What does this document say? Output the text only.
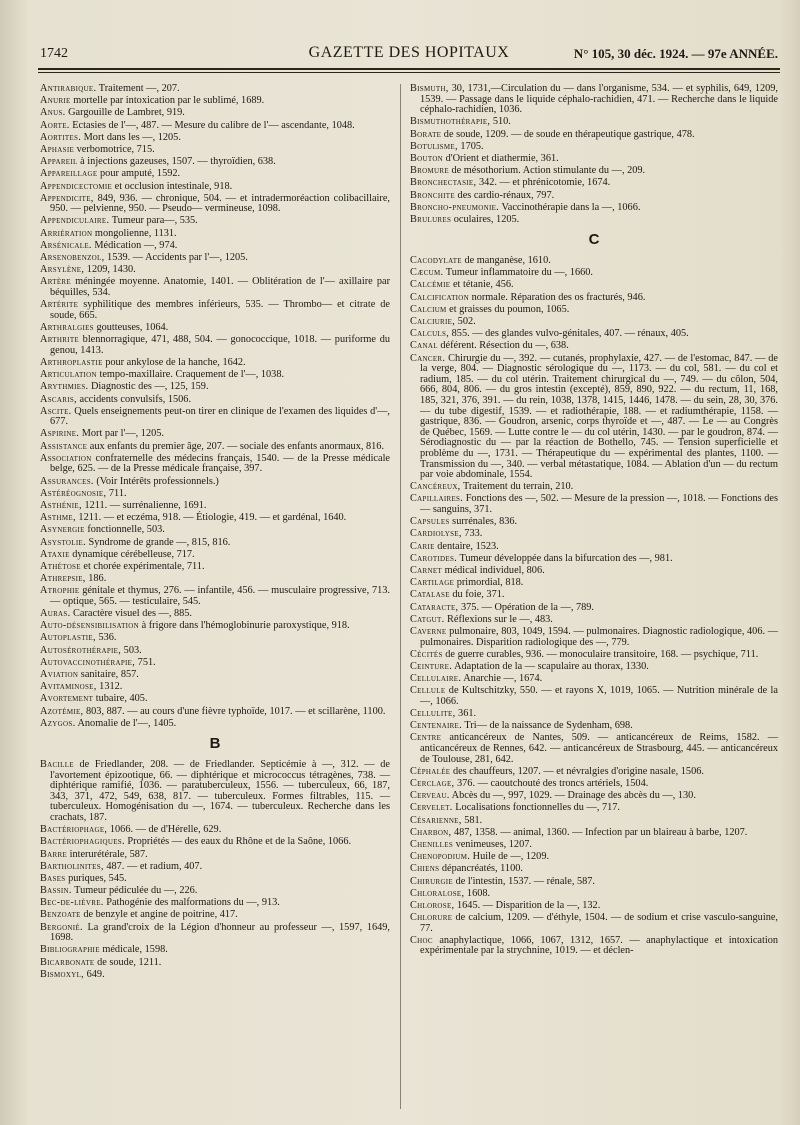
1742	GAZETTE DES HOPITAUX	N° 105, 30 déc. 1924. — 97e ANNÉE.

Antirabique. Traitement —, 207.

Anurie mortelle par intoxication par le sublimé, 1689.

Anus. Gargouille de Lambret, 919.

Aorte. Ectasies de l'—, 487. — Mesure du calibre de l'— ascendante, 1048.

Aortites. Mort dans les —, 1205.

Aphasie verbomotrice, 715.

Appareil à injections gazeuses, 1507. — thyroïdien, 638.

Appareillage pour amputé, 1592.

Appendicectomie et occlusion intestinale, 918.

Appendicite, 849, 936. — chronique, 504. — et intradermoréaction colibacillaire, 950. — pelvienne, 950. — Pseudo— vermineuse, 1098.

Appendiculaire. Tumeur para—, 535.

Arriération mongolienne, 1131.

Arsénicale. Médication —, 974.

Arsenobenzol, 1539. — Accidents par l'—, 1205.

Arsylène, 1209, 1430.

Artère méningée moyenne. Anatomie, 1401. — Oblitération de l'— axillaire par béquilles, 534.

Artérite syphilitique des membres inférieurs, 535. — Thrombo— et citrate de soude, 665.

Arthralgies goutteuses, 1064.

Arthrite blennorragique, 471, 488, 504. — gonococcique, 1018. — puriforme du genou, 1413.

Arthroplastie pour ankylose de la hanche, 1642.

Articulation tempo-maxillaire. Craquement de l'—, 1038.

Arythmies. Diagnostic des —, 125, 159.

Ascaris, accidents convulsifs, 1506.

Ascite. Quels enseignements peut-on tirer en clinique de l'examen des liquides d'—, 677.

Aspirine. Mort par l'—, 1205.

Assistance aux enfants du premier âge, 207. — sociale des enfants anormaux, 816.

Association confraternelle des médecins français, 1540. — de la Presse médicale belge, 625. — de la Presse médicale française, 397.

Assurances. (Voir Intérêts professionnels.)

Astéréognosie, 711.

Asthénie, 1211. — surrénalienne, 1691.

Asthme, 1211. — et eczéma, 918. — Étiologie, 419. — et gardénal, 1640.

Asynergie fonctionnelle, 503.

Asystolie. Syndrome de grande —, 815, 816.

Ataxie dynamique cérébelleuse, 717.

Athétose et chorée expérimentale, 711.

Athrepsie, 186.

Atrophie génitale et thymus, 276. — infantile, 456. — musculaire progressive, 713. — optique, 565. — testiculaire, 545.

Auras. Caractère visuel des —, 885.

Auto-désensibilisation à frigore dans l'hémoglobinurie paroxystique, 918.

Autoplastie, 536.

Autosérothérapie, 503.

Autovaccinothérapie, 751.

Aviation sanitaire, 857.

Avitaminose, 1312.

Avortement tubaire, 405.

Azotémie, 803, 887. — au cours d'une fièvre typhoïde, 1017. — et scillarène, 1100.

Azygos. Anomalie de l'—, 1405.

B

Bacille de Friedlander, 208. — de Friedlander. Septicémie à —, 312. — de l'avortement épizootique, 66. — diphtérique et micrococcus tétragènes, 738. — diphtérique ramifié, 1036. — paratuberculeux, 1556. — tuberculeux, 66, 187, 343, 371, 472, 549, 638, 817. — tuberculeux. Formes filtrables, 115. — tuberculeux. Homogénisation du —, 1674. — tuberculeux. Recherche dans les crachats, 187.

Bactériophage, 1066. — de d'Hérelle, 629.

Bactériophagiques. Propriétés — des eaux du Rhône et de la Saône, 1066.

Barre interurétérale, 587.

Bartholinites, 487. — et radium, 407.

Bases puriques, 545.

Bassin. Tumeur pédiculée du —, 226.

Bec-de-lièvre. Pathogénie des malformations du —, 913.

Benzoate de benzyle et angine de poitrine, 417.

Bergonié. La grand'croix de la Légion d'honneur au professeur —, 1597, 1649, 1698.

Bibliographie médicale, 1598.

Bicarbonate de soude, 1211.

Bismoxyl, 649.

Bismuth, 30, 1731,—Circulation du — dans l'organisme, 534. — et syphilis, 649, 1209, 1539. — Passage dans le liquide céphalo-rachidien, 471. — Recherche dans le liquide céphalo-rachidien, 1036.

Bismuthothérapie, 510.

Borate de soude, 1209. — de soude en thérapeutique gastrique, 478.

Botulisme, 1705.

Bouton d'Orient et diathermie, 361.

Bromure de mésothorium. Action stimulante du —, 209.

Bronchectasie, 342. — et phrénicotomie, 1674.

Bronchite des cardio-rénaux, 797.

Broncho-pneumonie. Vaccinothérapie dans la —, 1066.

Brulures oculaires, 1205.

C

Cacodylate de manganèse, 1610.

Cæcum. Tumeur inflammatoire du —, 1660.

Calcémie et tétanie, 456.

Calcification normale. Réparation des os fracturés, 946.

Calcium et graisses du poumon, 1065.

Calciurie, 502.

Calculs, 855. — des glandes vulvo-génitales, 407. — rénaux, 405.

Canal déférent. Résection du —, 638.

Cancer. Chirurgie du —, 392. — cutanés, prophylaxie, 427. — de l'estomac, 847. — de la verge, 804. — Diagnostic sérologique du —, 1173. — du col, 581. — du col et radium, 185. — du col utérin. Traitement chirurgical du —, 749. — du côlon, 504, 666, 804, 806. — du gros intestin (excepté), 859, 890, 922. — du rectum, 11, 168, 185, 321, 376, 391. — du rein, 1038, 1378, 1415, 1446, 1478. — du sein, 28, 30, 376. — du tube digestif, 1539. — et radiothérapie, 188. — et radiumthérapie, 1158. — gastrique, 836. — Goudron, arsenic, corps thyroïde et —, 487. — Le — au Congrès de Québec, 1569. — Lutte contre le — du col utérin, 1430. — par le goudron, 874. — Sérodiagnostic du — par la réaction de Bothello, 745. — Tension superficielle et problème du —, 1731. — Thérapeutique du — expérimental des plantes, 1100. — Transmission du —, 340. — verbal métastatique, 1084. — Ablation d'un — du rectum par voie abdominale, 1554.

Cancéreux, Traitement du terrain, 210.

Capillaires. Fonctions des —, 502. — Mesure de la pression —, 1018. — Fonctions des — sanguins, 371.

Capsules surrénales, 836.

Cardiolyse, 733.

Carie dentaire, 1523.

Carotides. Tumeur développée dans la bifurcation des —, 981.

Carnet médical individuel, 806.

Cartilage primordial, 818.

Catalase du foie, 371.

Cataracte, 375. — Opération de la —, 789.

Catgut. Réflexions sur le —, 483.

Caverne pulmonaire, 803, 1049, 1594. — pulmonaires. Diagnostic radiologique, 406. — pulmonaires. Disparition radiologique des —, 779.

Cécités de guerre curables, 936. — monoculaire transitoire, 168. — psychique, 711.

Ceinture. Adaptation de la — scapulaire au thorax, 1330.

Cellulaire. Anarchie —, 1674.

Cellule de Kultschitzky, 550. — et rayons X, 1019, 1065. — Nutrition minérale de la —, 1066.

Cellulite, 361.

Centenaire. Tri— de la naissance de Sydenham, 698.

Centre anticancéreux de Nantes, 509. — anticancéreux de Reims, 1582. — anticancéreux de Rennes, 642. — anticancéreux de Strasbourg, 445. — anticancéreux de Toulouse, 281, 642.

Céphalée des chauffeurs, 1207. — et névralgies d'origine nasale, 1506.

Cerclage, 376. — caoutchouté des troncs artériels, 1504.

Cerveau. Abcès du —, 997, 1029. — Drainage des abcès du —, 130.

Cervelet. Localisations fonctionnelles du —, 717.

Césarienne, 581.

Charbon, 487, 1358. — animal, 1360. — Infection par un blaireau à barbe, 1207.

Chenilles venimeuses, 1207.

Chenopodium. Huile de —, 1209.

Chiens dépancréatés, 1100.

Chirurgie de l'intestin, 1537. — rénale, 587.

Chloralose, 1608.

Chlorose, 1645. — Disparition de la —, 132.

Chlorure de calcium, 1209. — d'éthyle, 1504. — de sodium et crise vasculo-sanguine, 77.

Choc anaphylactique, 1066, 1067, 1312, 1657. — anaphylactique et intoxication expérimentale par la strychnine, 1019. — et déclen-
